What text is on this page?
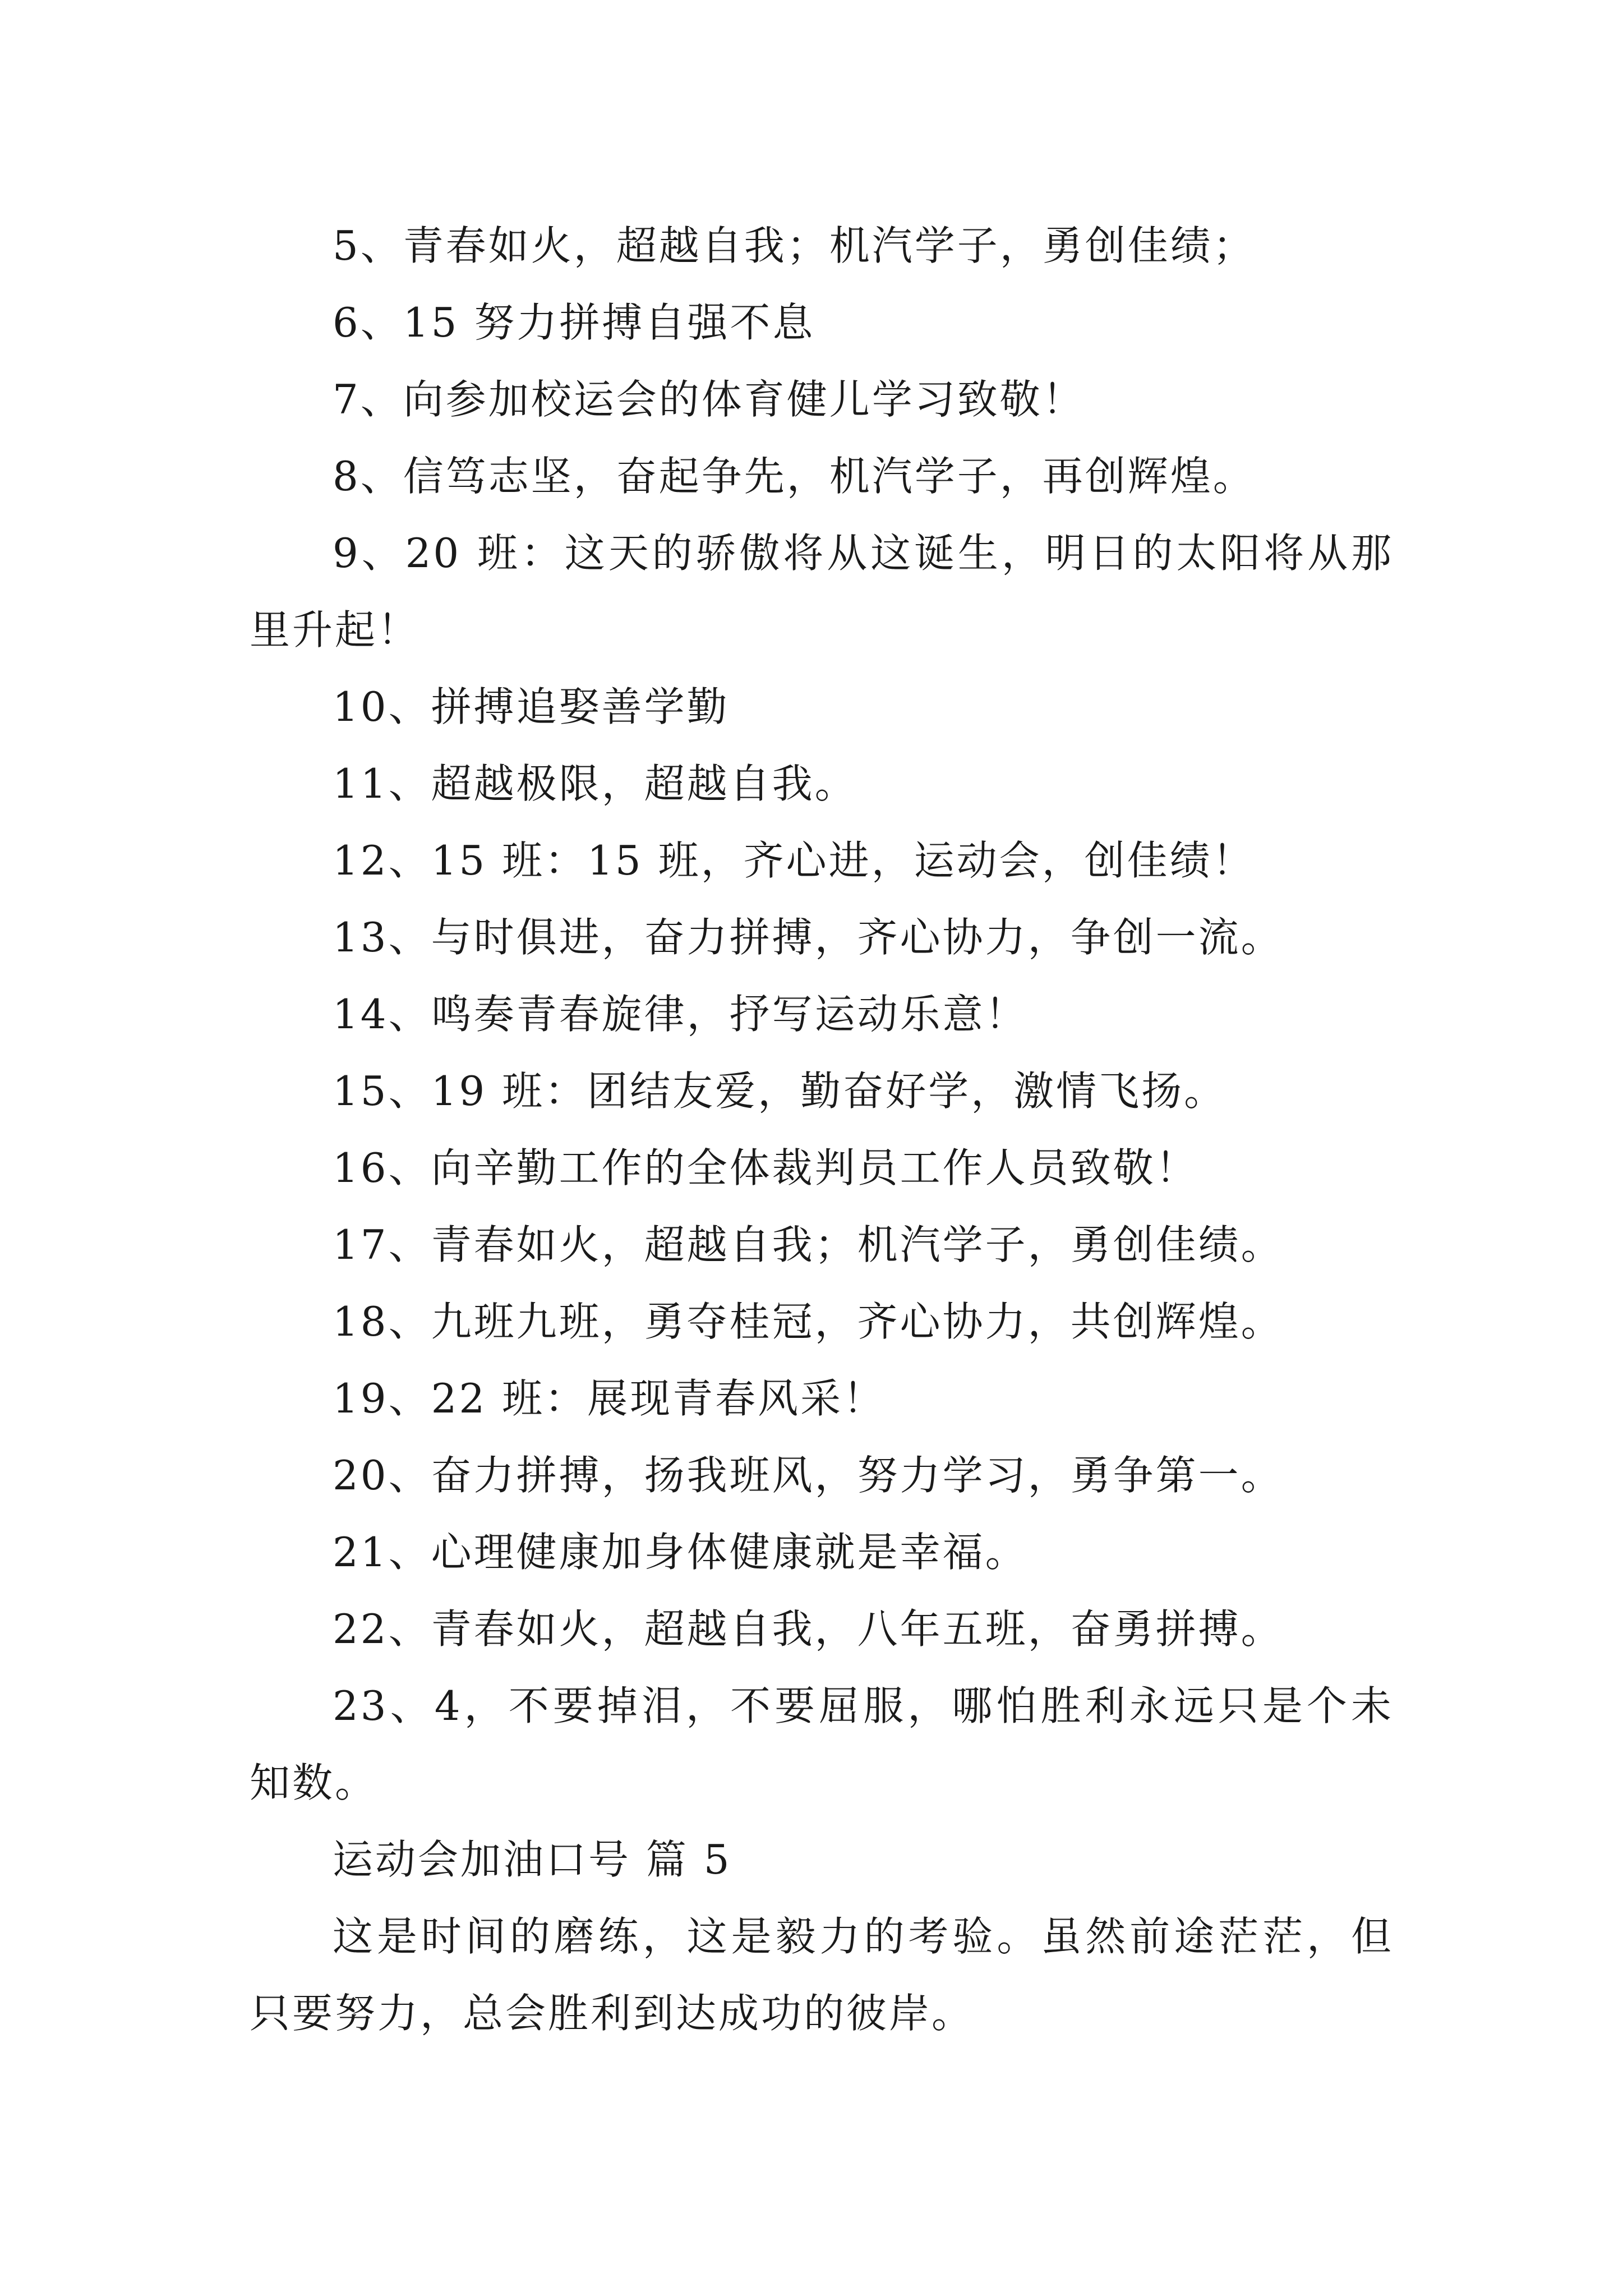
5、青春如火，超越自我；机汽学子，勇创佳绩；

6、15 努力拼搏自强不息

7、向参加校运会的体育健儿学习致敬！

8、信笃志坚，奋起争先，机汽学子，再创辉煌。

9、20 班：这天的骄傲将从这诞生，明日的太阳将从那里升起！

10、拼搏追娶善学勤

11、超越极限，超越自我。

12、15 班：15 班，齐心进，运动会，创佳绩！

13、与时俱进，奋力拼搏，齐心协力，争创一流。

14、鸣奏青春旋律，抒写运动乐意！

15、19 班：团结友爱，勤奋好学，激情飞扬。

16、向辛勤工作的全体裁判员工作人员致敬！

17、青春如火，超越自我；机汽学子，勇创佳绩。

18、九班九班，勇夺桂冠，齐心协力，共创辉煌。

19、22 班：展现青春风采！

20、奋力拼搏，扬我班风，努力学习，勇争第一。

21、心理健康加身体健康就是幸福。

22、青春如火，超越自我，八年五班，奋勇拼搏。

23、4，不要掉泪，不要屈服，哪怕胜利永远只是个未知数。

运动会加油口号 篇 5

这是时间的磨练，这是毅力的考验。虽然前途茫茫，但只要努力，总会胜利到达成功的彼岸。
